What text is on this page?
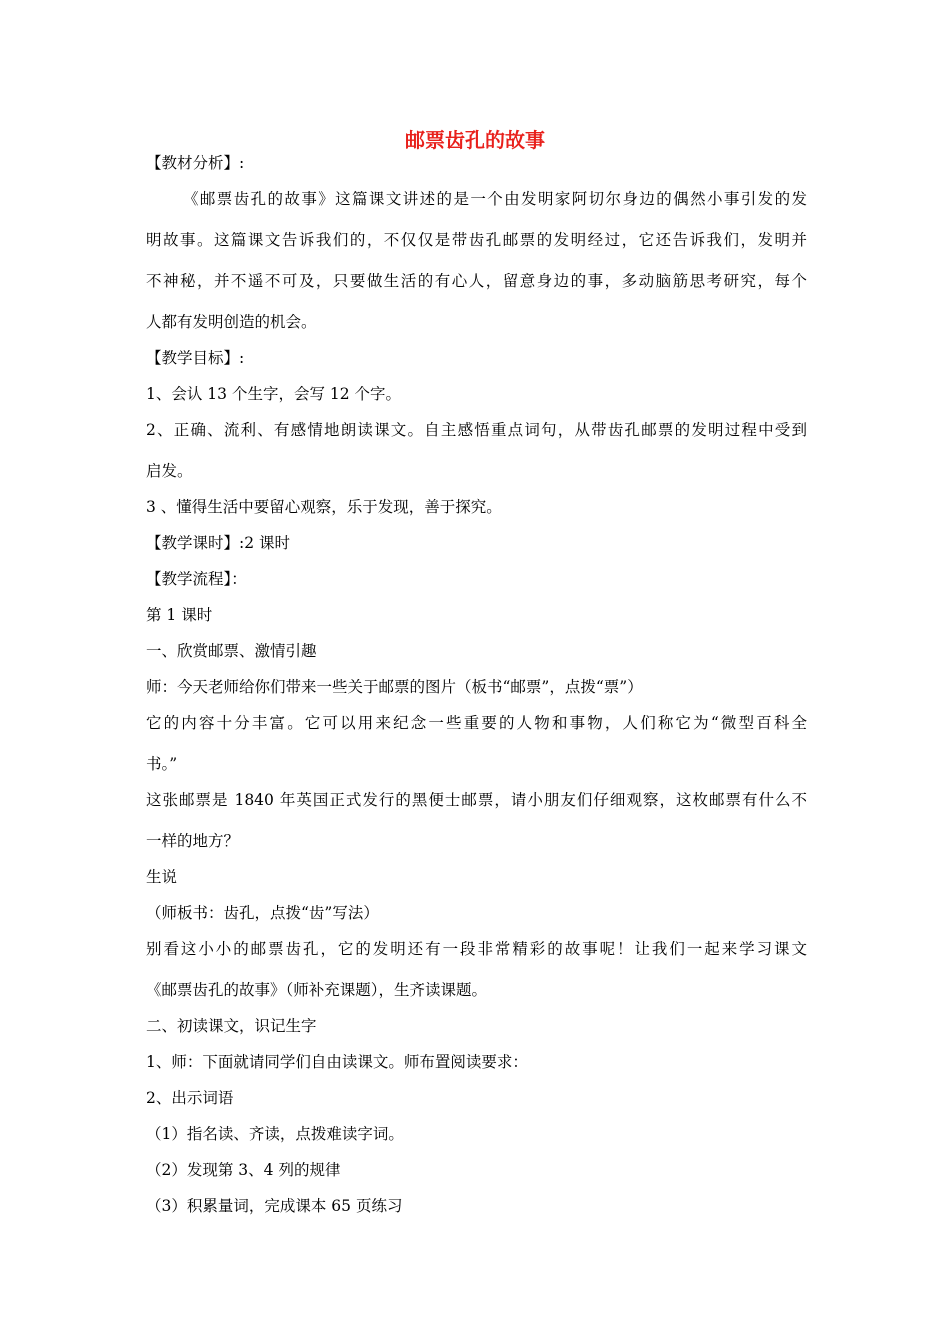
邮票齿孔的故事
【教材分析】:
《邮票齿孔的故事》这篇课文讲述的是一个由发明家阿切尔身边的偶然小事引发的发
明故事。这篇课文告诉我们的，不仅仅是带齿孔邮票的发明经过，它还告诉我们，发明并
不神秘，并不遥不可及，只要做生活的有心人，留意身边的事，多动脑筋思考研究，每个
人都有发明创造的机会。
【教学目标】:
1、会认 13 个生字，会写 12 个字。
2、正确、流利、有感情地朗读课文。自主感悟重点词句，从带齿孔邮票的发明过程中受到
启发。
3 、懂得生活中要留心观察，乐于发现，善于探究。
【教学课时】:2 课时
【教学流程】：
第 1 课时
一、欣赏邮票、激情引趣
师：今天老师给你们带来一些关于邮票的图片（板书“邮票”，点拨“票”）
它的内容十分丰富。它可以用来纪念一些重要的人物和事物，人们称它为“微型百科全
书。”
这张邮票是 1840 年英国正式发行的黑便士邮票，请小朋友们仔细观察，这枚邮票有什么不
一样的地方？
生说
（师板书：齿孔，点拨“齿”写法）
别看这小小的邮票齿孔，它的发明还有一段非常精彩的故事呢！让我们一起来学习课文
《邮票齿孔的故事》（师补充课题），生齐读课题。
二、初读课文，识记生字
1、师：下面就请同学们自由读课文。师布置阅读要求：
2、出示词语
（1）指名读、齐读，点拨难读字词。
（2）发现第 3、4 列的规律
（3）积累量词，完成课本 65 页练习
